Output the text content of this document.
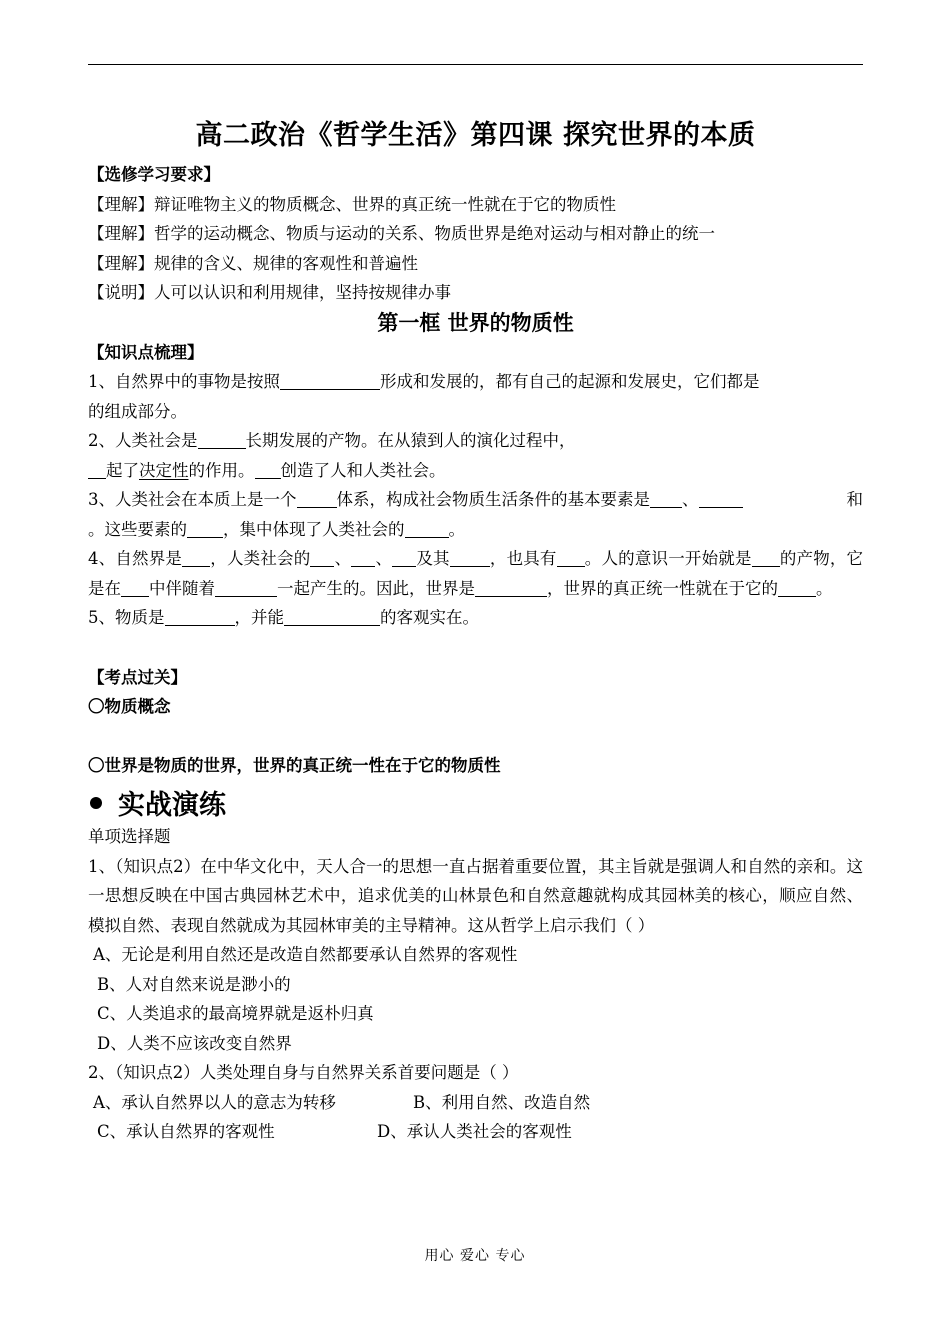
高二政治《哲学生活》第四课 探究世界的本质

【选修学习要求】

【理解】辩证唯物主义的物质概念、世界的真正统一性就在于它的物质性

【理解】哲学的运动概念、物质与运动的关系、物质世界是绝对运动与相对静止的统一

【理解】规律的含义、规律的客观性和普遍性

【说明】人可以认识和利用规律，坚持按规律办事

第一框 世界的物质性

【知识点梳理】

1、自然界中的事物是按照	形成和发展的，都有自己的起源和发展史，它们都是
的组成部分。

2、人类社会是	长期发展的产物。在从猿到人的演化过程中，
起了决定性的作用。 创造了人和人类社会。

3、人类社会在本质上是一个 体系，构成社会物质生活条件的基本要素是 、	和

。这些要素的 ，集中体现了人类社会的	。

4、自然界是 ，人类社会的 、 、 及其 ，也具有 。人的意识一开始就是 的产物，它是在 中伴随着	一起产生的。因此，世界是	，世界的真正统一性就在于它的 。

5、物质是	，并能	的客观实在。

【考点过关】

〇物质概念

〇世界是物质的世界，世界的真正统一性在于它的物质性

实战演练

单项选择题

1、（知识点2）在中华文化中，天人合一的思想一直占据着重要位置，其主旨就是强调人和自然的亲和。这一思想反映在中国古典园林艺术中，追求优美的山林景色和自然意趣就构成其园林美的核心，顺应自然、模拟自然、表现自然就成为其园林审美的主导精神。这从哲学上启示我们（ ）

A、无论是利用自然还是改造自然都要承认自然界的客观性

B、人对自然来说是渺小的

C、人类追求的最高境界就是返朴归真

D、人类不应该改变自然界

2、（知识点2）人类处理自身与自然界关系首要问题是（ ）

A、承认自然界以人的意志为转移	B、利用自然、改造自然
C、承认自然界的客观性	D、承认人类社会的客观性
用心 爱心 专心
